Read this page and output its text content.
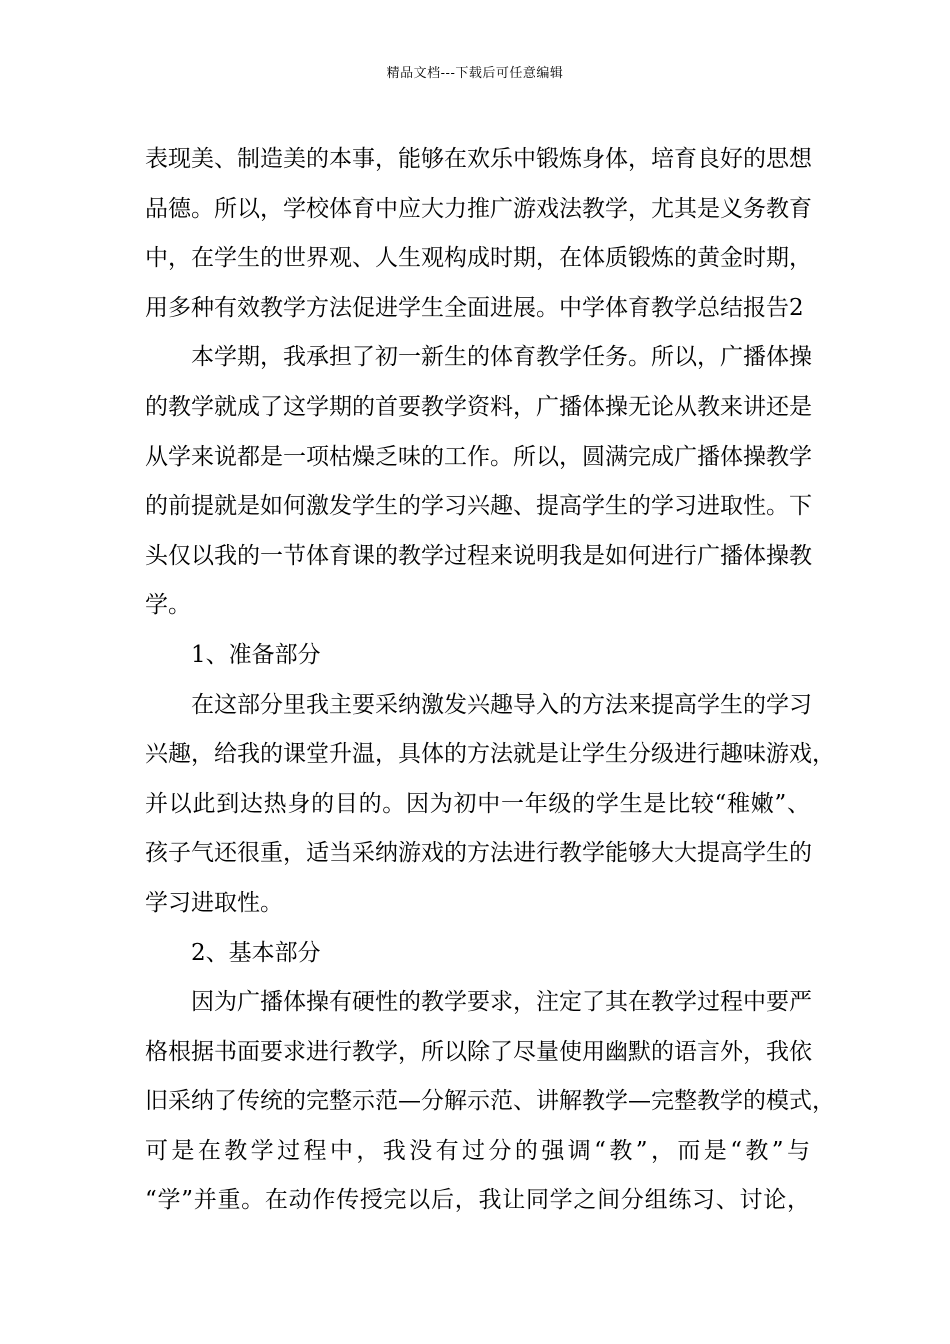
精品文档---下载后可任意编辑
表现美、制造美的本事，能够在欢乐中锻炼身体，培育良好的思想
品德。所以，学校体育中应大力推广游戏法教学，尤其是义务教育
中，在学生的世界观、人生观构成时期，在体质锻炼的黄金时期，
用多种有效教学方法促进学生全面进展。中学体育教学总结报告2
本学期，我承担了初一新生的体育教学任务。所以，广播体操
的教学就成了这学期的首要教学资料，广播体操无论从教来讲还是
从学来说都是一项枯燥乏味的工作。所以，圆满完成广播体操教学
的前提就是如何激发学生的学习兴趣、提高学生的学习进取性。下
头仅以我的一节体育课的教学过程来说明我是如何进行广播体操教
学。
1、准备部分
在这部分里我主要采纳激发兴趣导入的方法来提高学生的学习
兴趣，给我的课堂升温，具体的方法就是让学生分级进行趣味游戏，
并以此到达热身的目的。因为初中一年级的学生是比较“稚嫩”、
孩子气还很重，适当采纳游戏的方法进行教学能够大大提高学生的
学习进取性。
2、基本部分
因为广播体操有硬性的教学要求，注定了其在教学过程中要严
格根据书面要求进行教学，所以除了尽量使用幽默的语言外，我依
旧采纳了传统的完整示范—分解示范、讲解教学—完整教学的模式，
可是在教学过程中，我没有过分的强调“教”，而是“教”与
“学”并重。在动作传授完以后，我让同学之间分组练习、讨论，
